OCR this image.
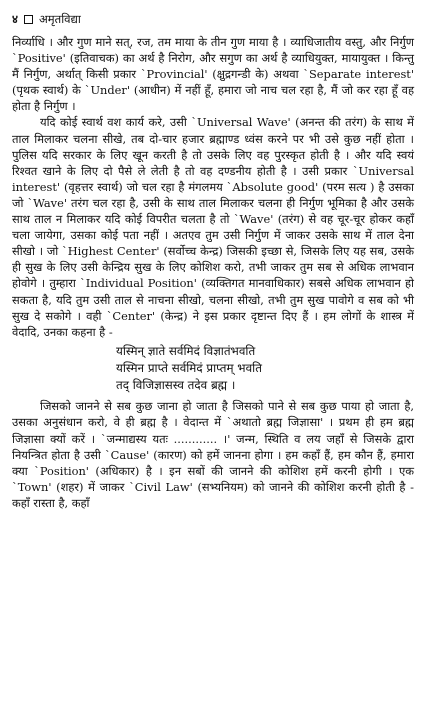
४ अमृतविद्या

निर्व्याधि । और गुण माने सत्, रज, तम माया के तीन गुण माया है । व्याधिजातीय वस्तु, और निर्गुण `Positive' (इतिवाचक) का अर्थ है निरोग, और सगुण का अर्थ है व्याधियुक्त, मायायुक्त । किन्तु मैं निर्गुण, अर्थात् किसी प्रकार `Provincial' (क्षुद्रगन्डी के) अथवा `Separate interest' (पृथक स्वार्थ) के `Under' (आधीन) में नहीं हूँ, हमारा जो नाच चल रहा है, मैं जो कर रहा हूँ वह होता है निर्गुण ।

यदि कोई स्वार्थ वश कार्य करे, उसी `Universal Wave' (अनन्त की तरंग) के साथ में ताल मिलाकर चलना सीखे, तब दो-चार हजार ब्रह्माण्ड ध्वंस करने पर भी उसे कुछ नहीं होता । पुलिस यदि सरकार के लिए खून करती है तो उसके लिए वह पुरस्कृत होती है । और यदि स्वयं रिश्वत खाने के लिए दो पैसे ले लेती है तो वह दण्डनीय होती है । उसी प्रकार `Universal interest' (वृहत्तर स्वार्थ) जो चल रहा है मंगलमय `Absolute good' (परम सत्य ) है उसका जो `Wave' तरंग चल रहा है, उसी के साथ ताल मिलाकर चलना ही निर्गुण भूमिका है और उसके साथ ताल न मिलाकर यदि कोई विपरीत चलता है तो `Wave' (तरंग) से वह चूर-चूर होकर कहाँ चला जायेगा, उसका कोई पता नहीं । अतएव तुम उसी निर्गुण में जाकर उसके साथ में ताल देना सीखो । जो `Highest Center' (सर्वोच्च केन्द्र) जिसकी इच्छा से, जिसके लिए यह सब, उसके ही सुख के लिए उसी केन्द्रिय सुख के लिए कोशिश करो, तभी जाकर तुम सब से अधिक लाभवान होवोगे । तुम्हारा `Individual Position' (व्यक्तिगत मानवाधिकार) सबसे अधिक लाभवान हो सकता है, यदि तुम उसी ताल से नाचना सीखो, चलना सीखो, तभी तुम सुख पावोगे व सब को भी सुख दे सकोगे । वही `Center' (केन्द्र) ने इस प्रकार दृष्टान्त दिए हैं । हम लोगों के शास्त्र में वेदादि, उनका कहना है -

यस्मिन् ज्ञाते सर्वमिदं विज्ञातंभवति
यस्मिन प्राप्ते सर्वमिदं प्राप्तम् भवति
तद् विजिज्ञासस्व तदेव ब्रह्म ।

जिसको जानने से सब कुछ जाना हो जाता है जिसको पाने से सब कुछ पाया हो जाता है, उसका अनुसंधान करो, वे ही ब्रह्म है । वेदान्त में `अथातो ब्रह्म जिज्ञासा' । प्रथम ही हम ब्रह्म जिज्ञासा क्यों करें । `जन्माद्यस्य यतः ............ ।' जन्म, स्थिति व लय जहाँ से जिसके द्वारा नियन्त्रित होता है उसी `Cause' (कारण) को हमें जानना होगा । हम कहाँ हैं, हम कौन हैं, हमारा क्या `Position' (अधिकार) है । इन सबों की जानने की कोशिश हमें करनी होगी । एक `Town' (शहर) में जाकर `Civil Law' (सभ्यनियम) को जानने की कोशिश करनी होती है - कहाँ रास्ता है, कहाँ
